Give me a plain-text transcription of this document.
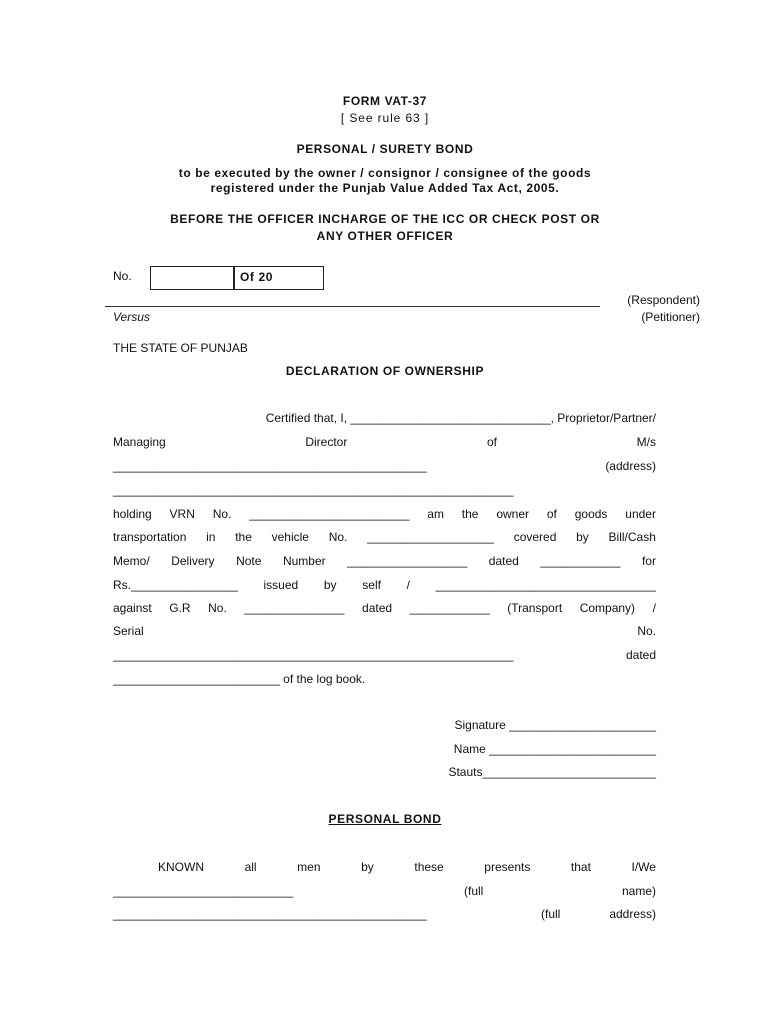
FORM VAT-37
[ See rule 63 ]
PERSONAL / SURETY BOND
to be executed by the owner / consignor / consignee of the goods
registered under the Punjab Value Added Tax Act, 2005.
BEFORE THE OFFICER INCHARGE OF THE ICC OR CHECK POST OR
ANY OTHER OFFICER
No.	Of 20
(Respondent)
(Petitioner)
Versus
THE STATE OF PUNJAB
DECLARATION OF OWNERSHIP
Certified that, I, ______________________________, Proprietor/Partner/
Managing	Director	of	M/s
_______________________________________________	(address)
____________________________________________________________
holding VRN No. ________________________ am the owner of goods under
transportation in the vehicle No. ___________________ covered by Bill/Cash
Memo/ Delivery Note Number __________________ dated ____________ for
Rs.________________ issued by self / _________________________________
against G.R No. _______________ dated ____________ (Transport Company) /
Serial	No.
____________________________________________________________	dated
_________________________ of the log book.
Signature ______________________
Name _________________________
Stauts__________________________
PERSONAL BOND
KNOWN	all	men	by	these	presents	that	I/We
___________________________	(full	name)
_______________________________________________	(full	address)
